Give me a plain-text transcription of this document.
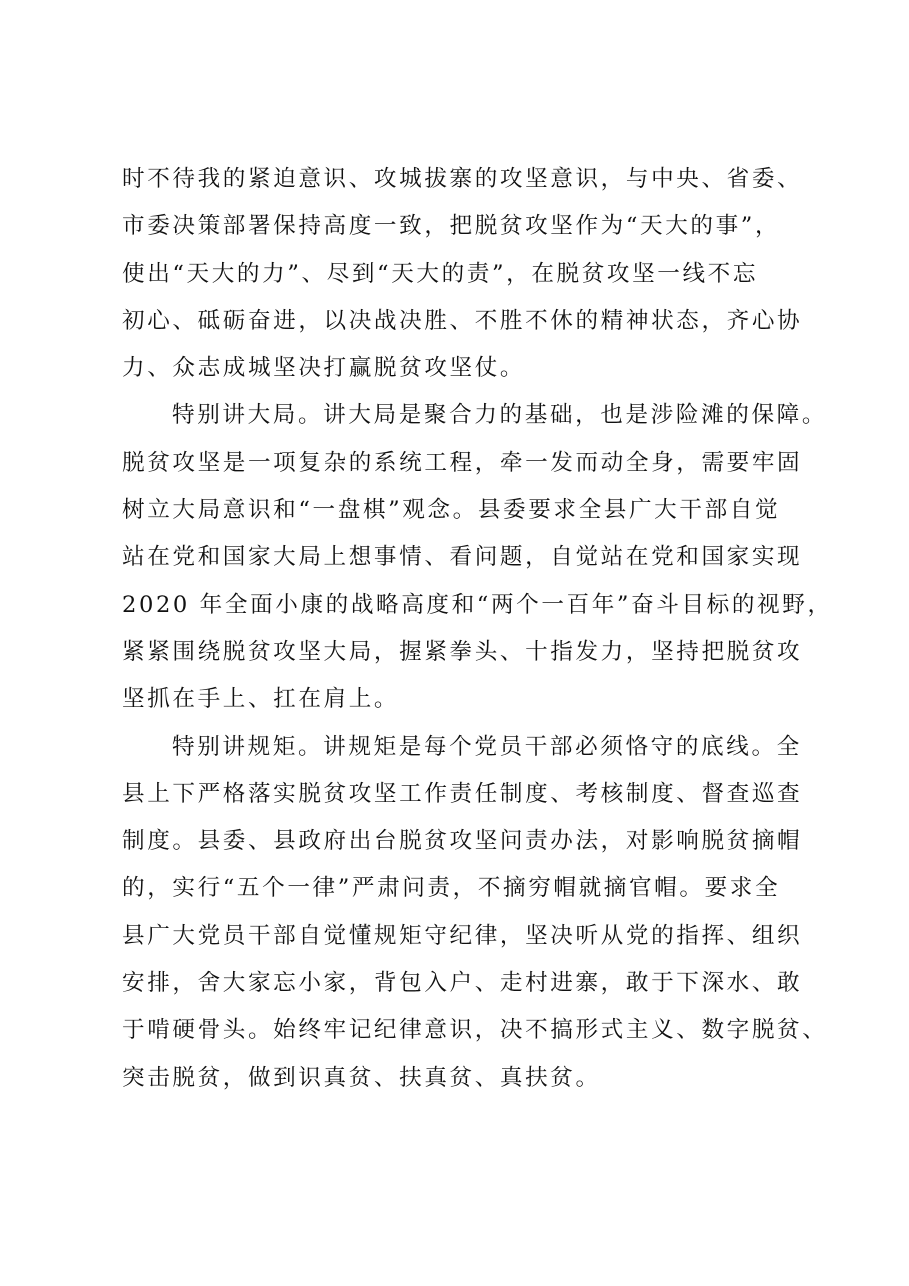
时不待我的紧迫意识、攻城拔寨的攻坚意识，与中央、省委、
市委决策部署保持高度一致，把脱贫攻坚作为“天大的事”，
使出“天大的力”、尽到“天大的责”，在脱贫攻坚一线不忘
初心、砥砺奋进，以决战决胜、不胜不休的精神状态，齐心协
力、众志成城坚决打赢脱贫攻坚仗。
特别讲大局。讲大局是聚合力的基础，也是涉险滩的保障。
脱贫攻坚是一项复杂的系统工程，牵一发而动全身，需要牢固
树立大局意识和“一盘棋”观念。县委要求全县广大干部自觉
站在党和国家大局上想事情、看问题，自觉站在党和国家实现
2020 年全面小康的战略高度和“两个一百年”奋斗目标的视野，
紧紧围绕脱贫攻坚大局，握紧拳头、十指发力，坚持把脱贫攻
坚抓在手上、扛在肩上。
特别讲规矩。讲规矩是每个党员干部必须恪守的底线。全
县上下严格落实脱贫攻坚工作责任制度、考核制度、督查巡查
制度。县委、县政府出台脱贫攻坚问责办法，对影响脱贫摘帽
的，实行“五个一律”严肃问责，不摘穷帽就摘官帽。要求全
县广大党员干部自觉懂规矩守纪律，坚决听从党的指挥、组织
安排，舍大家忘小家，背包入户、走村进寨，敢于下深水、敢
于啃硬骨头。始终牢记纪律意识，决不搞形式主义、数字脱贫、
突击脱贫，做到识真贫、扶真贫、真扶贫。
